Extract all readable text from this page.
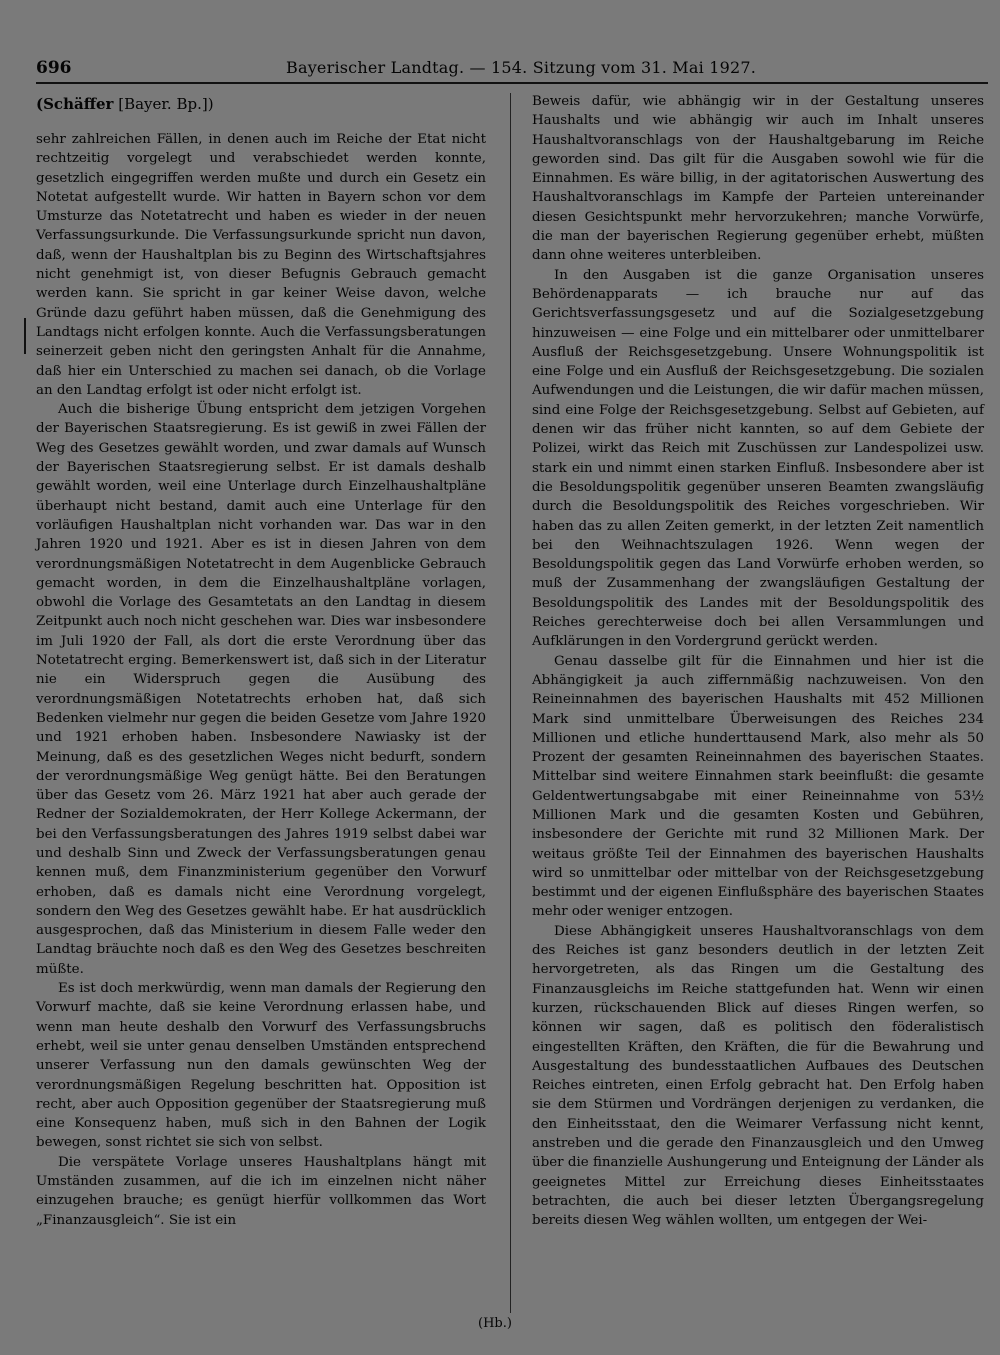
696	Bayerischer Landtag. — 154. Sitzung vom 31. Mai 1927.
(Schäffer [Bayer. Bp.])

sehr zahlreichen Fällen, in denen auch im Reiche der Etat nicht rechtzeitig vorgelegt und verabschiedet werden konnte, gesetzlich eingegriffen werden mußte und durch ein Gesetz ein Notetat aufgestellt wurde. Wir hatten in Bayern schon vor dem Umsturze das Notetatrecht und haben es wieder in der neuen Verfassungsurkunde. Die Verfassungsurkunde spricht nun davon, daß, wenn der Haushaltplan bis zu Beginn des Wirtschaftsjahres nicht genehmigt ist, von dieser Befugnis Gebrauch gemacht werden kann. Sie spricht in gar keiner Weise davon, welche Gründe dazu geführt haben müssen, daß die Genehmigung des Landtags nicht erfolgen konnte. Auch die Verfassungsberatungen seinerzeit geben nicht den geringsten Anhalt für die Annahme, daß hier ein Unterschied zu machen sei danach, ob die Vorlage an den Landtag erfolgt ist oder nicht erfolgt ist.

Auch die bisherige Übung entspricht dem jetzigen Vorgehen der Bayerischen Staatsregierung. Es ist gewiß in zwei Fällen der Weg des Gesetzes gewählt worden, und zwar damals auf Wunsch der Bayerischen Staatsregierung selbst. Er ist damals deshalb gewählt worden, weil eine Unterlage durch Einzelhaushaltpläne überhaupt nicht bestand, damit auch eine Unterlage für den vorläufigen Haushaltplan nicht vorhanden war. Das war in den Jahren 1920 und 1921. Aber es ist in diesen Jahren von dem verordnungsmäßigen Notetatrecht in dem Augenblicke Gebrauch gemacht worden, in dem die Einzelhaushaltpläne vorlagen, obwohl die Vorlage des Gesamtetats an den Landtag in diesem Zeitpunkt auch noch nicht geschehen war. Dies war insbesondere im Juli 1920 der Fall, als dort die erste Verordnung über das Notetatrecht erging. Bemerkenswert ist, daß sich in der Literatur nie ein Widerspruch gegen die Ausübung des verordnungsmäßigen Notetatrechts erhoben hat, daß sich Bedenken vielmehr nur gegen die beiden Gesetze vom Jahre 1920 und 1921 erhoben haben. Insbesondere Nawiasky ist der Meinung, daß es des gesetzlichen Weges nicht bedurft, sondern der verordnungsmäßige Weg genügt hätte. Bei den Beratungen über das Gesetz vom 26. März 1921 hat aber auch gerade der Redner der Sozialdemokraten, der Herr Kollege Ackermann, der bei den Verfassungsberatungen des Jahres 1919 selbst dabei war und deshalb Sinn und Zweck der Verfassungsberatungen genau kennen muß, dem Finanzministerium gegenüber den Vorwurf erhoben, daß es damals nicht eine Verordnung vorgelegt, sondern den Weg des Gesetzes gewählt habe. Er hat ausdrücklich ausgesprochen, daß das Ministerium in diesem Falle weder den Landtag bräuchte noch daß es den Weg des Gesetzes beschreiten müßte.

Es ist doch merkwürdig, wenn man damals der Regierung den Vorwurf machte, daß sie keine Verordnung erlassen habe, und wenn man heute deshalb den Vorwurf des Verfassungsbruchs erhebt, weil sie unter genau denselben Umständen entsprechend unserer Verfassung nun den damals gewünschten Weg der verordnungsmäßigen Regelung beschritten hat. Opposition ist recht, aber auch Opposition gegenüber der Staatsregierung muß eine Konsequenz haben, muß sich in den Bahnen der Logik bewegen, sonst richtet sie sich von selbst.

Die verspätete Vorlage unseres Haushaltplans hängt mit Umständen zusammen, auf die ich im einzelnen nicht näher einzugehen brauche; es genügt hierfür vollkommen das Wort „Finanzausgleich“. Sie ist ein

Beweis dafür, wie abhängig wir in der Gestaltung unseres Haushalts und wie abhängig wir auch im Inhalt unseres Haushaltvoranschlags von der Haushaltgebarung im Reiche geworden sind. Das gilt für die Ausgaben sowohl wie für die Einnahmen. Es wäre billig, in der agitatorischen Auswertung des Haushaltvoranschlags im Kampfe der Parteien untereinander diesen Gesichtspunkt mehr hervorzukehren; manche Vorwürfe, die man der bayerischen Regierung gegenüber erhebt, müßten dann ohne weiteres unterbleiben.

In den Ausgaben ist die ganze Organisation unseres Behördenapparats — ich brauche nur auf das Gerichtsverfassungsgesetz und auf die Sozialgesetzgebung hinzuweisen — eine Folge und ein mittelbarer oder unmittelbarer Ausfluß der Reichsgesetzgebung. Unsere Wohnungspolitik ist eine Folge und ein Ausfluß der Reichsgesetzgebung. Die sozialen Aufwendungen und die Leistungen, die wir dafür machen müssen, sind eine Folge der Reichsgesetzgebung. Selbst auf Gebieten, auf denen wir das früher nicht kannten, so auf dem Gebiete der Polizei, wirkt das Reich mit Zuschüssen zur Landespolizei usw. stark ein und nimmt einen starken Einfluß. Insbesondere aber ist die Besoldungspolitik gegenüber unseren Beamten zwangsläufig durch die Besoldungspolitik des Reiches vorgeschrieben. Wir haben das zu allen Zeiten gemerkt, in der letzten Zeit namentlich bei den Weihnachtszulagen 1926. Wenn wegen der Besoldungspolitik gegen das Land Vorwürfe erhoben werden, so muß der Zusammenhang der zwangsläufigen Gestaltung der Besoldungspolitik des Landes mit der Besoldungspolitik des Reiches gerechterweise doch bei allen Versammlungen und Aufklärungen in den Vordergrund gerückt werden.

Genau dasselbe gilt für die Einnahmen und hier ist die Abhängigkeit ja auch ziffernmäßig nachzuweisen. Von den Reineinnahmen des bayerischen Haushalts mit 452 Millionen Mark sind unmittelbare Überweisungen des Reiches 234 Millionen und etliche hunderttausend Mark, also mehr als 50 Prozent der gesamten Reineinnahmen des bayerischen Staates. Mittelbar sind weitere Einnahmen stark beeinflußt: die gesamte Geldentwertungsabgabe mit einer Reineinnahme von 53½ Millionen Mark und die gesamten Kosten und Gebühren, insbesondere der Gerichte mit rund 32 Millionen Mark. Der weitaus größte Teil der Einnahmen des bayerischen Haushalts wird so unmittelbar oder mittelbar von der Reichsgesetzgebung bestimmt und der eigenen Einflußsphäre des bayerischen Staates mehr oder weniger entzogen.

Diese Abhängigkeit unseres Haushaltvoranschlags von dem des Reiches ist ganz besonders deutlich in der letzten Zeit hervorgetreten, als das Ringen um die Gestaltung des Finanzausgleichs im Reiche stattgefunden hat. Wenn wir einen kurzen, rückschauenden Blick auf dieses Ringen werfen, so können wir sagen, daß es politisch den föderalistisch eingestellten Kräften, den Kräften, die für die Bewahrung und Ausgestaltung des bundesstaatlichen Aufbaues des Deutschen Reiches eintreten, einen Erfolg gebracht hat. Den Erfolg haben sie dem Stürmen und Vordrängen derjenigen zu verdanken, die den Einheitsstaat, den die Weimarer Verfassung nicht kennt, anstreben und die gerade den Finanzausgleich und den Umweg über die finanzielle Aushungerung und Enteignung der Länder als geeignetes Mittel zur Erreichung dieses Einheitsstaates betrachten, die auch bei dieser letzten Übergangsregelung bereits diesen Weg wählen wollten, um entgegen der Wei-

(Hb.)
